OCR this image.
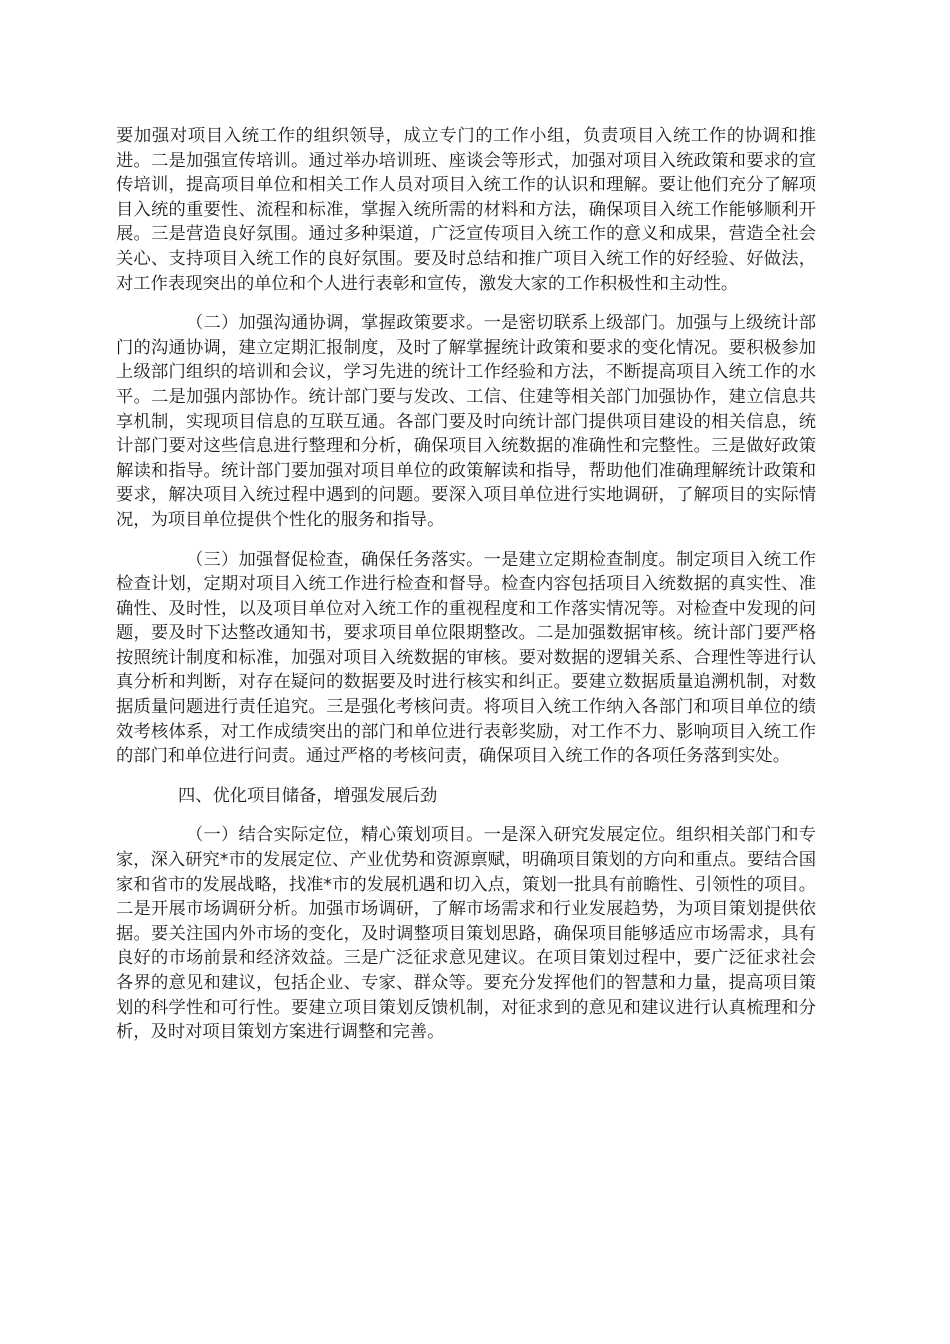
要加强对项目入统工作的组织领导，成立专门的工作小组，负责项目入统工作的协调和推进。二是加强宣传培训。通过举办培训班、座谈会等形式，加强对项目入统政策和要求的宣传培训，提高项目单位和相关工作人员对项目入统工作的认识和理解。要让他们充分了解项目入统的重要性、流程和标准，掌握入统所需的材料和方法，确保项目入统工作能够顺利开展。三是营造良好氛围。通过多种渠道，广泛宣传项目入统工作的意义和成果，营造全社会关心、支持项目入统工作的良好氛围。要及时总结和推广项目入统工作的好经验、好做法，对工作表现突出的单位和个人进行表彰和宣传，激发大家的工作积极性和主动性。

（二）加强沟通协调，掌握政策要求。一是密切联系上级部门。加强与上级统计部门的沟通协调，建立定期汇报制度，及时了解掌握统计政策和要求的变化情况。要积极参加上级部门组织的培训和会议，学习先进的统计工作经验和方法，不断提高项目入统工作的水平。二是加强内部协作。统计部门要与发改、工信、住建等相关部门加强协作，建立信息共享机制，实现项目信息的互联互通。各部门要及时向统计部门提供项目建设的相关信息，统计部门要对这些信息进行整理和分析，确保项目入统数据的准确性和完整性。三是做好政策解读和指导。统计部门要加强对项目单位的政策解读和指导，帮助他们准确理解统计政策和要求，解决项目入统过程中遇到的问题。要深入项目单位进行实地调研，了解项目的实际情况，为项目单位提供个性化的服务和指导。

（三）加强督促检查，确保任务落实。一是建立定期检查制度。制定项目入统工作检查计划，定期对项目入统工作进行检查和督导。检查内容包括项目入统数据的真实性、准确性、及时性，以及项目单位对入统工作的重视程度和工作落实情况等。对检查中发现的问题，要及时下达整改通知书，要求项目单位限期整改。二是加强数据审核。统计部门要严格按照统计制度和标准，加强对项目入统数据的审核。要对数据的逻辑关系、合理性等进行认真分析和判断，对存在疑问的数据要及时进行核实和纠正。要建立数据质量追溯机制，对数据质量问题进行责任追究。三是强化考核问责。将项目入统工作纳入各部门和项目单位的绩效考核体系，对工作成绩突出的部门和单位进行表彰奖励，对工作不力、影响项目入统工作的部门和单位进行问责。通过严格的考核问责，确保项目入统工作的各项任务落到实处。

四、优化项目储备，增强发展后劲

（一）结合实际定位，精心策划项目。一是深入研究发展定位。组织相关部门和专家，深入研究*市的发展定位、产业优势和资源禀赋，明确项目策划的方向和重点。要结合国家和省市的发展战略，找准*市的发展机遇和切入点，策划一批具有前瞻性、引领性的项目。二是开展市场调研分析。加强市场调研，了解市场需求和行业发展趋势，为项目策划提供依据。要关注国内外市场的变化，及时调整项目策划思路，确保项目能够适应市场需求，具有良好的市场前景和经济效益。三是广泛征求意见建议。在项目策划过程中，要广泛征求社会各界的意见和建议，包括企业、专家、群众等。要充分发挥他们的智慧和力量，提高项目策划的科学性和可行性。要建立项目策划反馈机制，对征求到的意见和建议进行认真梳理和分析，及时对项目策划方案进行调整和完善。
